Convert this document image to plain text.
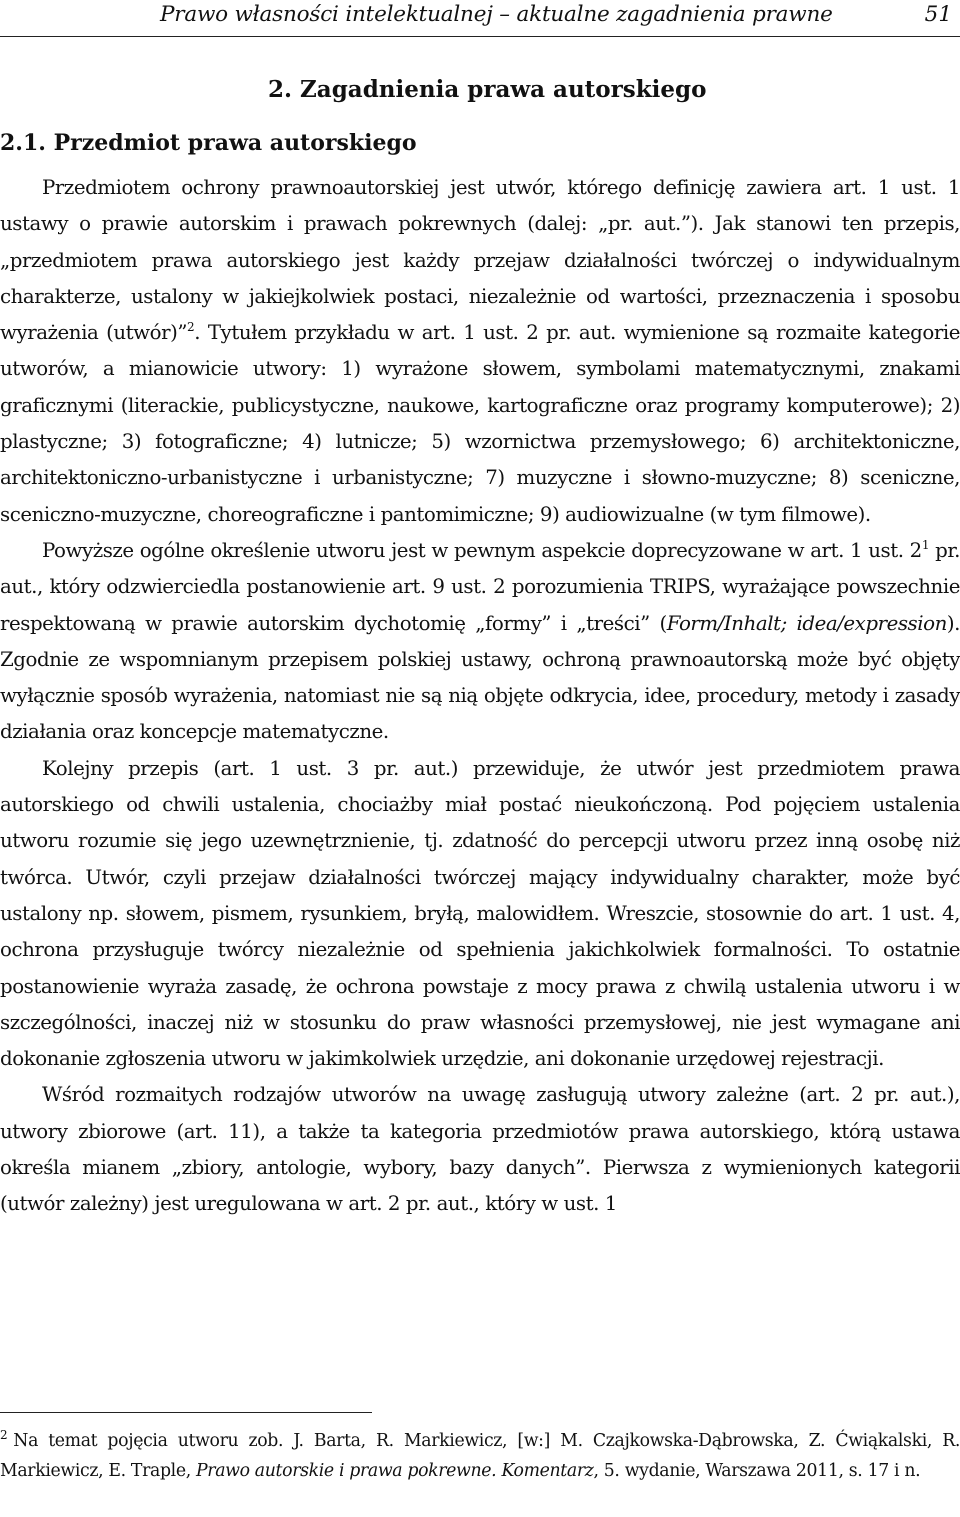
Prawo własności intelektualnej – aktualne zagadnienia prawne	51
2. Zagadnienia prawa autorskiego
2.1. Przedmiot prawa autorskiego

Przedmiotem ochrony prawnoautorskiej jest utwór, którego definicję zawiera art. 1 ust. 1 ustawy o prawie autorskim i prawach pokrewnych (dalej: „pr. aut.”). Jak stanowi ten przepis, „przedmiotem prawa autorskiego jest każdy przejaw działalności twórczej o indywidualnym charakterze, ustalony w jakiejkolwiek postaci, niezależnie od wartości, przeznaczenia i sposobu wyrażenia (utwór)”$^2$. Tytułem przykładu w art. 1 ust. 2 pr. aut. wymienione są rozmaite kategorie utworów, a mianowicie utwory: 1) wyrażone słowem, symbolami matematycznymi, znakami graficznymi (literackie, publicystyczne, naukowe, kartograficzne oraz programy komputerowe); 2) plastyczne; 3) fotograficzne; 4) lutnicze; 5) wzornictwa przemysłowego; 6) architektoniczne, architektoniczno-urbanistyczne i urbanistyczne; 7) muzyczne i słowno-muzyczne; 8) sceniczne, sceniczno-muzyczne, choreograficzne i pantomimiczne; 9) audiowizualne (w tym filmowe).

Powyższe ogólne określenie utworu jest w pewnym aspekcie doprecyzowane w art. 1 ust. $2^1$ pr. aut., który odzwierciedla postanowienie art. 9 ust. 2 porozumienia TRIPS, wyrażające powszechnie respektowaną w prawie autorskim dychotomię „formy” i „treści” (Form/Inhalt; idea/expression). Zgodnie ze wspomnianym przepisem polskiej ustawy, ochroną prawnoautorską może być objęty wyłącznie sposób wyrażenia, natomiast nie są nią objęte odkrycia, idee, procedury, metody i zasady działania oraz koncepcje matematyczne.

Kolejny przepis (art. 1 ust. 3 pr. aut.) przewiduje, że utwór jest przedmiotem prawa autorskiego od chwili ustalenia, chociażby miał postać nieukończoną. Pod pojęciem ustalenia utworu rozumie się jego uzewnętrznienie, tj. zdatność do percepcji utworu przez inną osobę niż twórca. Utwór, czyli przejaw działalności twórczej mający indywidualny charakter, może być ustalony np. słowem, pismem, rysunkiem, bryłą, malowidłem. Wreszcie, stosownie do art. 1 ust. 4, ochrona przysługuje twórcy niezależnie od spełnienia jakichkolwiek formalności. To ostatnie postanowienie wyraża zasadę, że ochrona powstaje z mocy prawa z chwilą ustalenia utworu i w szczególności, inaczej niż w stosunku do praw własności przemysłowej, nie jest wymagane ani dokonanie zgłoszenia utworu w jakimkolwiek urzędzie, ani dokonanie urzędowej rejestracji.

Wśród rozmaitych rodzajów utworów na uwagę zasługują utwory zależne (art. 2 pr. aut.), utwory zbiorowe (art. 11), a także ta kategoria przedmiotów prawa autorskiego, którą ustawa określa mianem „zbiory, antologie, wybory, bazy danych”. Pierwsza z wymienionych kategorii (utwór zależny) jest uregulowana w art. 2 pr. aut., który w ust. 1

$^2$ Na temat pojęcia utworu zob. J. Barta, R. Markiewicz, [w:] M. Czajkowska-Dąbrowska, Z. Ćwiąkalski, R. Markiewicz, E. Traple, Prawo autorskie i prawa pokrewne. Komentarz, 5. wydanie, Warszawa 2011, s. 17 i n.
